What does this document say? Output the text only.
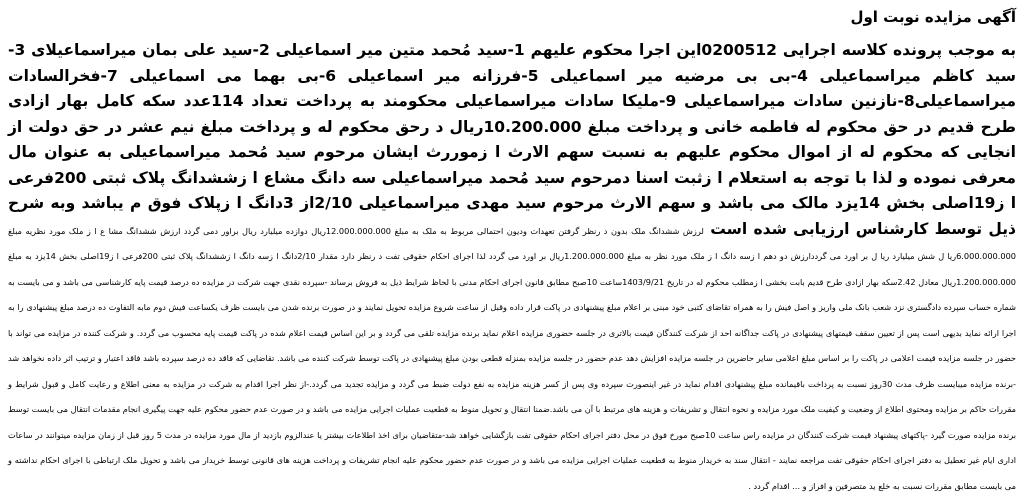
آگهی مزایده نوبت اول

به موجب پرونده کلاسه اجرایی 0200512این اجرا محکوم علیهم 1-سید مُحمد متین میر اسماعیلی 2-سید علی بمان میراسماعیلای 3-سید کاظم میراسماعیلی 4-بی بی مرضیه میر اسماعیلی 5-فرزانه میر اسماعیلی 6-بی بهما می اسماعیلی 7-فخرالسادات میراسماعیلی8-نازنین سادات میراسماعیلی 9-ملیکا سادات میراسماعیلی محکومند به پرداخت تعداد 114عدد سکه کامل بهار ازادی طرح قدیم در حق محکوم له فاطمه خانی و پرداخت مبلغ 10.200.000ریال د رحق محکوم له و پرداخت مبلغ نیم عشر در حق دولت از انجایی که محکوم له از اموال محکوم علیهم به نسبت سهم الارث ا زموررث ایشان مرحوم سید مُحمد میراسماعیلی به عنوان مال معرفی نموده و لذا با توجه به استعلام ا زثبت اسنا دمرحوم سید مُحمد میراسماعیلی سه دانگ مشاع ا زششدانگ پلاک ثبتی 200فرعی ا ز19اصلی بخش 14یزد مالک می باشد و سهم الارث مرحوم سید مهدی میراسماعیلی 2/10از 3دانگ ا زپلاک فوق م یباشد وبه شرح ذیل توسط کارشناس ارزیابی شده است لرزش ششدانگ ملک بدون د رنظر گرفتن تعهدات ودیون احتمالی مربوط به ملک به مبلغ 12.000.000.000ریال دوازده میلیارد ریال براور دمی گردد ارزش ششدانگ مشا ع ا ز ملک مورد نظریه مبلغ 6.000.000.000ریا ل شش میلیارد ریا ل بر اورد می گرددارزش دو دهم ا زسه دانگ ا ز ملک مورد نظر به مبلغ 1.200.000.000ریال بر اورد می گردد لذا اجرای احکام حقوقی تفت د رنظر دارد مقدار 2/10دانگ ا زسه دانگ ا زششدانگ پلاک ثبتی 200فرعی ا ز19اصلی بخش 14یزد به مبلغ 1.200.000.000ریال معادل 2.42سکه بهار ازادی طرح قدیم بابت بخشی ا زمطلب محکوم له در تاریخ 1403/9/21ساعت 10صبح مطابق قانون اجرای احکام مدنی با لحاظ شرایط ذیل به فروش برساند -سپرده نقدی جهت شرکت در مزایده ده درصد قیمت پایه کارشناسی می باشد و می بایست به شماره حساب سپرده دادگستری نزد شعب بانک ملی واریز و اصل فیش را به همراه تقاضای کتبی خود مبنی بر اعلام مبلغ پیشنهادی در پاکت قرار داده وقبل از ساعت شروع مزایده تحویل نمایند و در صورت برنده شدن می بایست ظرف یکساعت فیش دوم مابه التفاوت ده درصد مبلغ پیشنهادی را به اجرا ارائه نماید بدیهی است پس از تعیین سقف قیمتهای پیشنهادی در پاکت جداگانه احد از شرکت کنندگان قیمت بالاتری در جلسه حضوری مزایده اعلام نماید برنده مزایده تلقی می گردد و بر این اساس قیمت اعلام شده در پاکت قیمت پایه محسوب می گردد. و شرکت کننده در مزایده می تواند با حضور در جلسه مزایده قیمت اعلامی در پاکت را بر اساس مبلغ اعلامی سایر حاضرین در جلسه مزایده افزایش دهد عدم حضور در جلسه مزایده بمنزله قطعی بودن مبلغ پیشنهادی در پاکت توسط شرکت کننده می باشد. تقاضایی که فاقد ده درصد سپرده باشد فاقد اعتبار و ترتیب اثر داده نخواهد شد -برنده مزایده میبایست ظرف مدت 30روز نسبت به پرداخت باقیمانده مبلغ پیشنهادی اقدام نماید در غیر اینصورت سپرده وی پس از کسر هزینه مزایده به نفع دولت ضبط می گردد و مزایده تجدید می گردد.-از نظر اجرا اقدام به شرکت در مزایده به معنی اطلاع و رعایت کامل و قبول شرایط و مقررات حاکم بر مزایده ومحتوی اطلاع از وضعیت و کیفیت ملک مورد مزایده و نحوه انتقال و تشریفات و هزینه های مرتبط با آن می باشد.ضمنا انتقال و تحویل منوط به قطعیت عملیات اجرایی مزایده می باشد و در صورت عدم حضور محکوم علیه جهت پیگیری انجام مقدمات انتقال می بایست توسط برنده مزایده صورت گیرد -پاکتهای پیشنهاد قیمت شرکت کنندگان در مزایده راس ساعت 10صبح مورخ فوق در محل دفتر اجرای احکام حقوقی تفت بازگشایی خواهد شد-متقاضیان برای اخذ اطلاعات بیشتر یا عندالزوم بازدید از مال مورد مزایده در مدت 5 روز قبل از زمان مزایده میتوانند در ساعات اداری ایام غیر تعطیل به دفتر اجرای احکام حقوقی تفت مراجعه نمایند - انتقال سند به خریدار منوط به قطعیت عملیات اجرایی مزایده می باشد و در صورت عدم حضور محکوم علیه انجام تشریفات و پرداخت هزینه های قانونی توسط خریدار می باشد و تحویل ملک ارتباطی با اجرای احکام نداشته و می بایست مطابق مقررات نسبت به خلع ید متصرفین و افراز و ... اقدام گردد .
